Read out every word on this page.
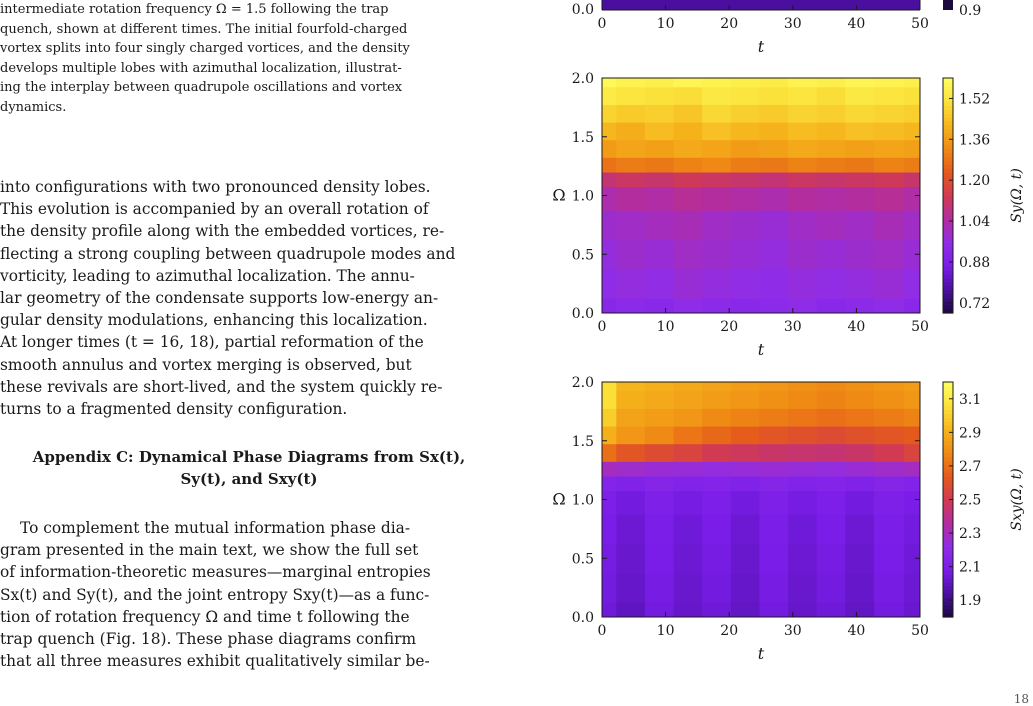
intermediate rotation frequency Ω = 1.5 following the trap
quench, shown at different times. The initial fourfold-charged
vortex splits into four singly charged vortices, and the density
develops multiple lobes with azimuthal localization, illustrat-
ing the interplay between quadrupole oscillations and vortex
dynamics.
into configurations with two pronounced density lobes.
This evolution is accompanied by an overall rotation of
the density profile along with the embedded vortices, re-
flecting a strong coupling between quadrupole modes and
vorticity, leading to azimuthal localization. The annu-
lar geometry of the condensate supports low-energy an-
gular density modulations, enhancing this localization.
At longer times (t = 16, 18), partial reformation of the
smooth annulus and vortex merging is observed, but
these revivals are short-lived, and the system quickly re-
turns to a fragmented density configuration.
Appendix C: Dynamical Phase Diagrams from Sx(t),
Sy(t), and Sxy(t)
To complement the mutual information phase dia-
gram presented in the main text, we show the full set
of information-theoretic measures—marginal entropies
Sx(t) and Sy(t), and the joint entropy Sxy(t)—as a func-
tion of rotation frequency Ω and time t following the
trap quench (Fig. 18). These phase diagrams confirm
that all three measures exhibit qualitatively similar be-
0.0	0.9
0	10	20	30	40	50
t
0.0
0.5
1.0
1.5
2.0
Ω
0.72
0.88
1.04
1.20
1.36
1.52
Sy(Ω, t)
0	10	20	30	40	50
t
0.0
0.5
1.0
1.5
2.0
Ω
1.9
2.1
2.3
2.5
2.7
2.9
3.1
Sxy(Ω, t)
0	10	20	30	40	50
t
18
